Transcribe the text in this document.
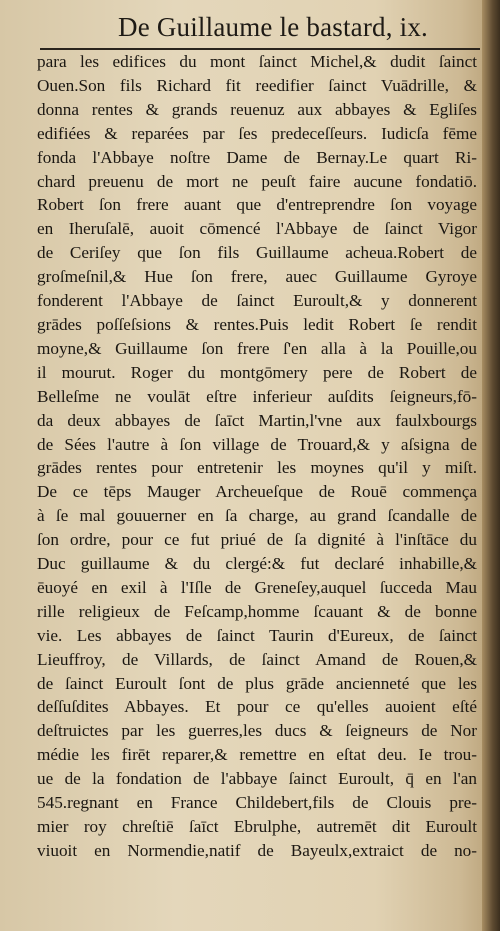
De Guillaume le bastard, ix.
para les edifices du mont ſainct Michel,& dudit ſainct
Ouen.Son fils Richard fit reedifier ſainct Vuādrille, &
donna rentes & grands reuenuz aux abbayes & Egliſes
edifiées & reparées par ſes predeceſſeurs. Iudicſa fēme
fonda l'Abbaye noſtre Dame de Bernay.Le quart Ri-
chard preuenu de mort ne peuſt faire aucune fondatiō.
Robert ſon frere auant que d'entreprendre ſon voyage
en Iheruſalē, auoit cōmencé l'Abbaye de ſainct Vigor
de Ceriſey que ſon fils Guillaume acheua.Robert de
groſmeſnil,& Hue ſon frere, auec Guillaume Gyroye
fonderent l'Abbaye de ſainct Euroult,& y donnerent
grādes poſſeſsions & rentes.Puis ledit Robert ſe rendit
moyne,& Guillaume ſon frere ſ'en alla à la Pouille,ou
il mourut. Roger du montgōmery pere de Robert de
Belleſme ne voulāt eſtre inferieur auſdits ſeigneurs,fō-
da deux abbayes de ſaīct Martin,l'vne aux faulxbourgs
de Sées l'autre à ſon village de Trouard,& y aſsigna de
grādes rentes pour entretenir les moynes qu'il y miſt.
De ce tēps Mauger Archeueſque de Rouē commença
à ſe mal gouuerner en ſa charge, au grand ſcandalle de
ſon ordre, pour ce fut priué de ſa dignité à l'inſtāce du
Duc guillaume & du clergé:& fut declaré inhabille,&
ēuoyé en exil à l'Iſle de Greneſey,auquel ſucceda Mau
rille religieux de Feſcamp,homme ſcauant & de bonne
vie. Les abbayes de ſainct Taurin d'Eureux, de ſainct
Lieuffroy, de Villards, de ſainct Amand de Rouen,&
de ſainct Euroult ſont de plus grāde ancienneté que les
deſſuſdites Abbayes. Et pour ce qu'elles auoient eſté
deſtruictes par les guerres,les ducs & ſeigneurs de Nor
médie les firēt reparer,& remettre en eſtat deu. Ie trou-
ue de la fondation de l'abbaye ſainct Euroult, q̄ en l'an
545.regnant en France Childebert,fils de Clouis pre-
mier roy chreſtiē ſaīct Ebrulphe, autremēt dit Euroult
viuoit en Normendie,natif de Bayeulx,extraict de no-
